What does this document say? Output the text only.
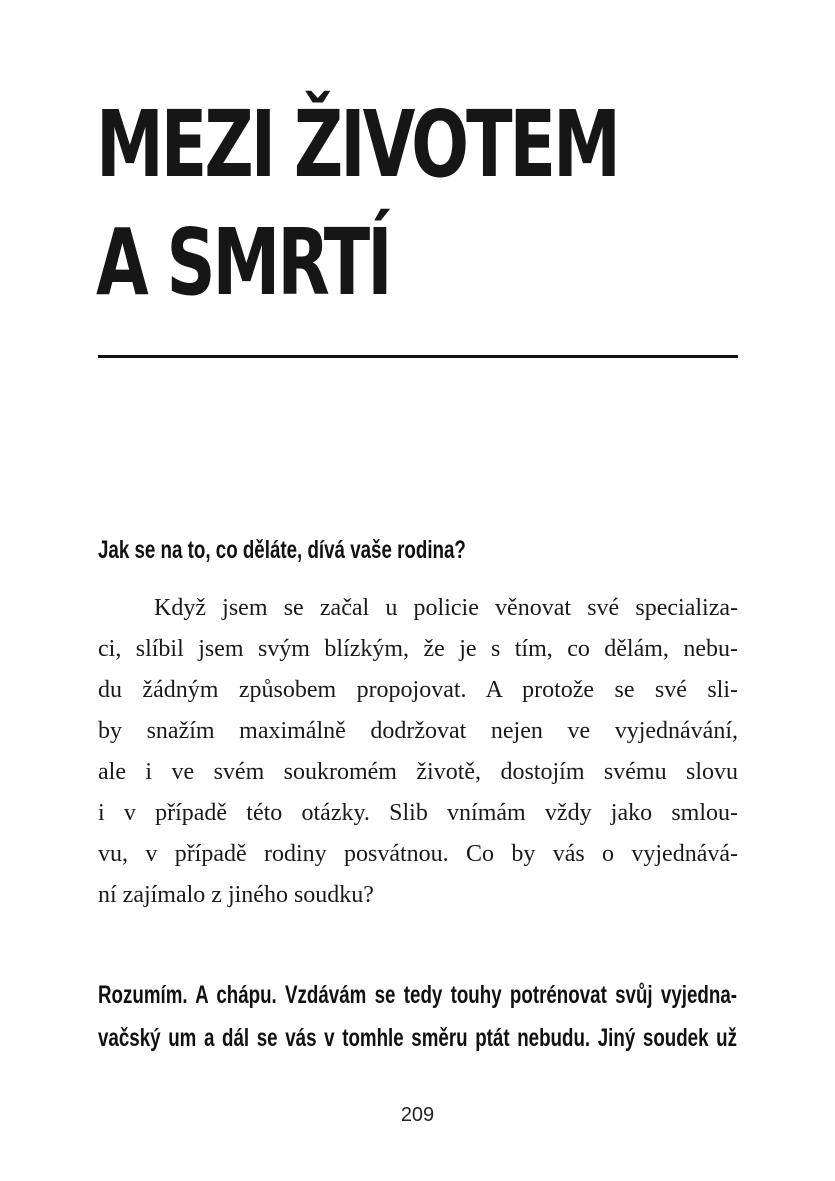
MEZI ŽIVOTEM
A SMRTÍ

Jak se na to, co děláte, dívá vaše rodina?

Když jsem se začal u policie věnovat své specializa-
ci, slíbil jsem svým blízkým, že je s tím, co dělám, nebu-
du žádným způsobem propojovat. A protože se své sli-
by snažím maximálně dodržovat nejen ve vyjednávání,
ale i ve svém soukromém životě, dostojím svému slovu
i v případě této otázky. Slib vnímám vždy jako smlou-
vu, v případě rodiny posvátnou. Co by vás o vyjednává-
ní zajímalo z jiného soudku?

Rozumím. A chápu. Vzdávám se tedy touhy potrénovat svůj vyjedna-
vačský um a dál se vás v tomhle směru ptát nebudu. Jiný soudek už

209
